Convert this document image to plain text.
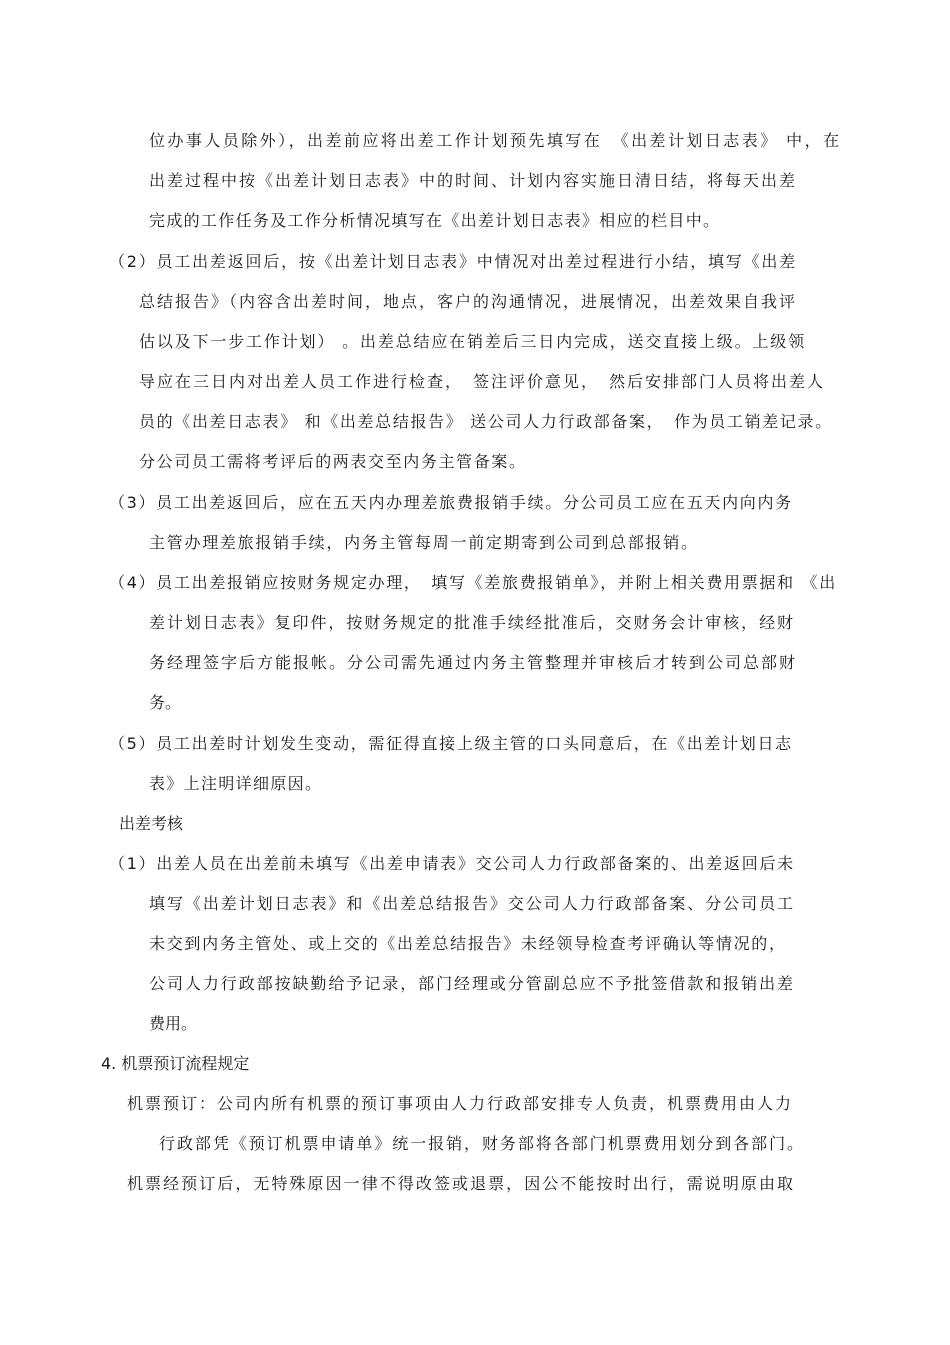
位办事人员除外），出差前应将出差工作计划预先填写在　《出差计划日志表》 中，在
出差过程中按《出差计划日志表》中的时间、计划内容实施日清日结，将每天出差
完成的工作任务及工作分析情况填写在《出差计划日志表》相应的栏目中。
（2）员工出差返回后，按《出差计划日志表》中情况对出差过程进行小结，填写《出差
总结报告》（内容含出差时间，地点，客户的沟通情况，进展情况，出差效果自我评
估以及下一步工作计划） 。出差总结应在销差后三日内完成，送交直接上级。上级领
导应在三日内对出差人员工作进行检查，　签注评价意见，　然后安排部门人员将出差人
员的《出差日志表》 和《出差总结报告》 送公司人力行政部备案，　作为员工销差记录。
分公司员工需将考评后的两表交至内务主管备案。
（3）员工出差返回后，应在五天内办理差旅费报销手续。分公司员工应在五天内向内务
主管办理差旅报销手续，内务主管每周一前定期寄到公司到总部报销。
（4）员工出差报销应按财务规定办理，　填写《差旅费报销单》，并附上相关费用票据和 《出
差计划日志表》复印件，按财务规定的批准手续经批准后，交财务会计审核，经财
务经理签字后方能报帐。分公司需先通过内务主管整理并审核后才转到公司总部财
务。
（5）员工出差时计划发生变动，需征得直接上级主管的口头同意后，在《出差计划日志
表》上注明详细原因。
出差考核
（1）出差人员在出差前未填写《出差申请表》交公司人力行政部备案的、出差返回后未
填写《出差计划日志表》和《出差总结报告》交公司人力行政部备案、分公司员工
未交到内务主管处、或上交的《出差总结报告》未经领导检查考评确认等情况的，
公司人力行政部按缺勤给予记录，部门经理或分管副总应不予批签借款和报销出差
费用。
4. 机票预订流程规定
机票预订：公司内所有机票的预订事项由人力行政部安排专人负责，机票费用由人力
行政部凭《预订机票申请单》统一报销，财务部将各部门机票费用划分到各部门。
机票经预订后，无特殊原因一律不得改签或退票，因公不能按时出行，需说明原由取
